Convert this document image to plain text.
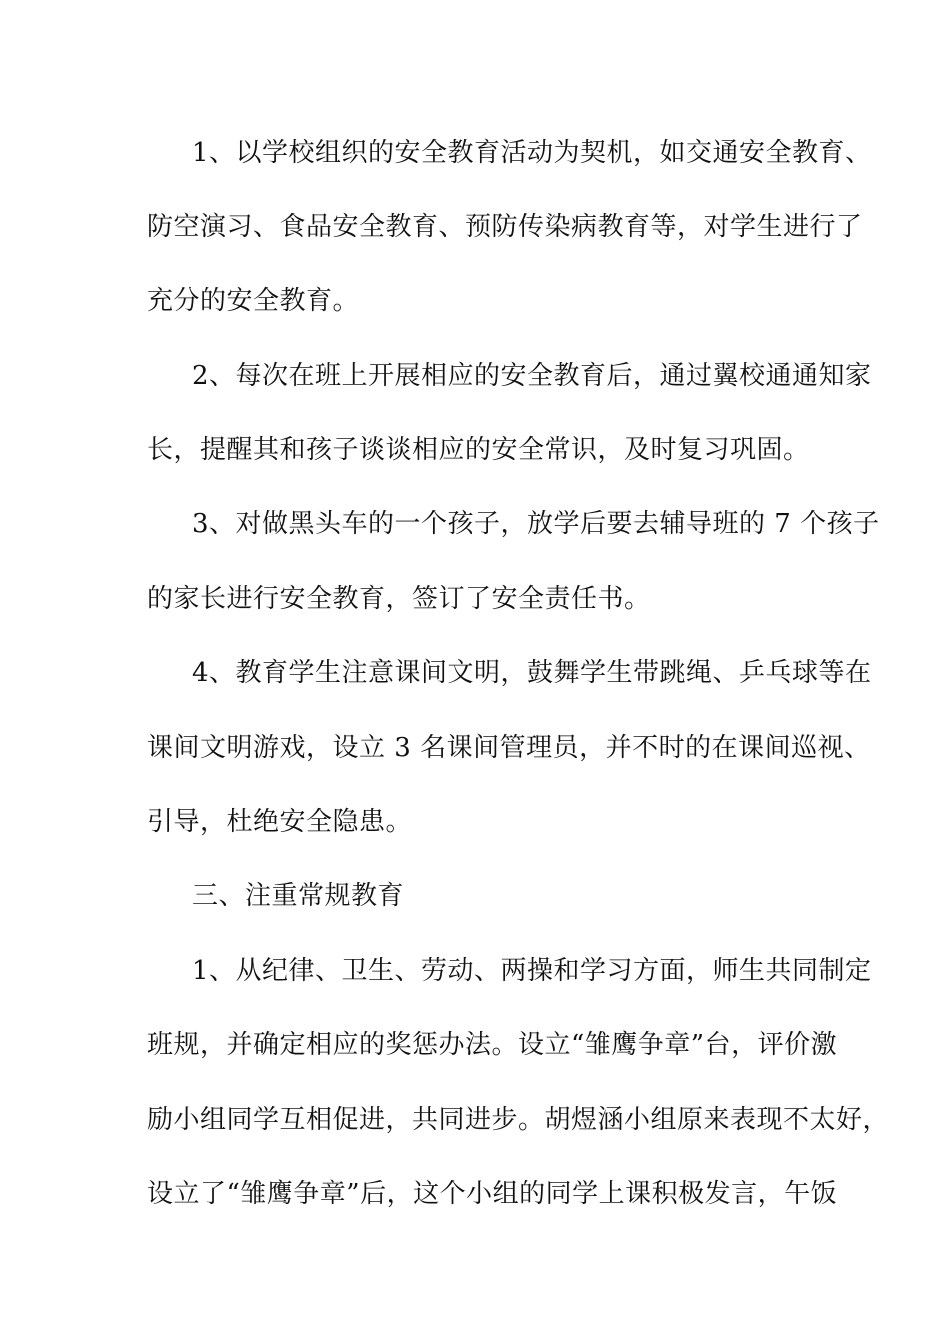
1、以学校组织的安全教育活动为契机，如交通安全教育、
防空演习、食品安全教育、预防传染病教育等，对学生进行了
充分的安全教育。
2、每次在班上开展相应的安全教育后，通过翼校通通知家
长，提醒其和孩子谈谈相应的安全常识，及时复习巩固。
3、对做黑头车的一个孩子，放学后要去辅导班的 7 个孩子
的家长进行安全教育，签订了安全责任书。
4、教育学生注意课间文明，鼓舞学生带跳绳、乒乓球等在
课间文明游戏，设立 3 名课间管理员，并不时的在课间巡视、
引导，杜绝安全隐患。
三、注重常规教育
1、从纪律、卫生、劳动、两操和学习方面，师生共同制定
班规，并确定相应的奖惩办法。设立“雏鹰争章”台，评价激
励小组同学互相促进，共同进步。胡煜涵小组原来表现不太好，
设立了“雏鹰争章”后，这个小组的同学上课积极发言，午饭
